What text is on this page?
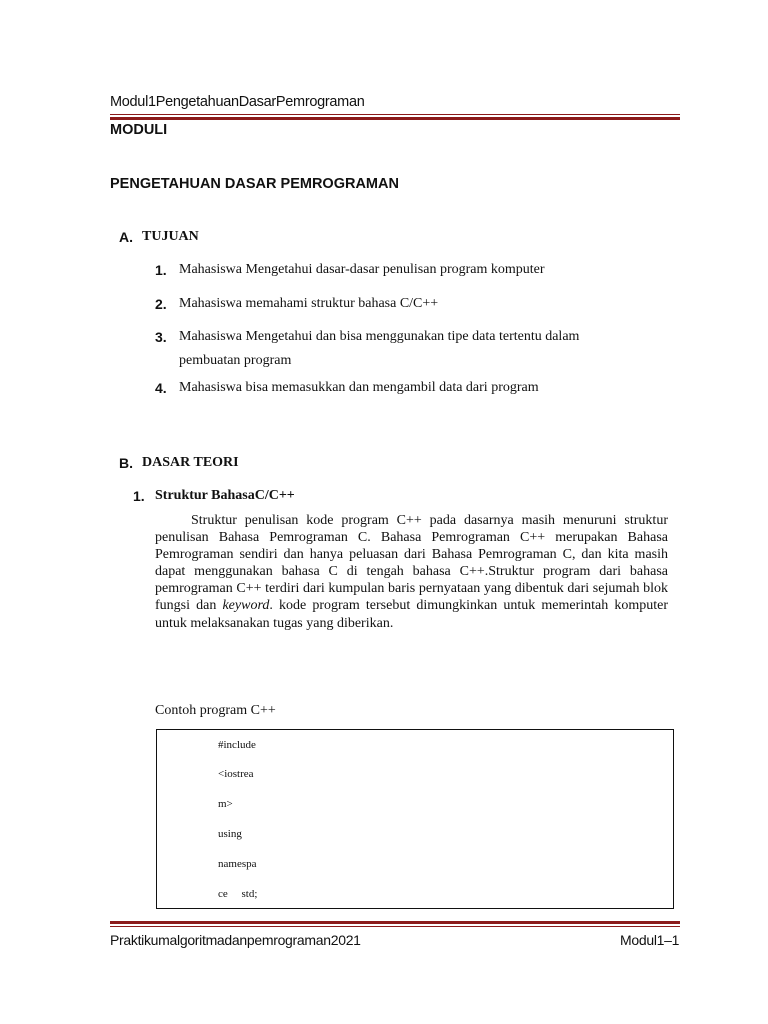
Modul1PengetahuanDasarPemrograman
MODULI
PENGETAHUAN DASAR PEMROGRAMAN
A. TUJUAN
1. Mahasiswa Mengetahui dasar-dasar penulisan program komputer
2. Mahasiswa memahami struktur bahasa C/C++
3. Mahasiswa Mengetahui dan bisa menggunakan tipe data tertentu dalam
pembuatan program
4. Mahasiswa bisa memasukkan dan mengambil data dari program
B. DASAR TEORI
1. Struktur BahasaC/C++
Struktur penulisan kode program C++ pada dasarnya masih menuruni struktur penulisan Bahasa Pemrograman C. Bahasa Pemrograman C++ merupakan Bahasa Pemrograman sendiri dan hanya peluasan dari Bahasa Pemrograman C, dan kita masih dapat menggunakan bahasa C di tengah bahasa C++.Struktur program dari bahasa pemrograman C++ terdiri dari kumpulan baris pernyataan yang dibentuk dari sejumah blok fungsi dan keyword. kode program tersebut dimungkinkan untuk memerintah komputer untuk melaksanakan tugas yang diberikan.
Contoh program C++
#include
<iostrea
m>
using
namespa
ce     std;
Praktikumalgoritmadanpemrograman2021	Modul1–1
